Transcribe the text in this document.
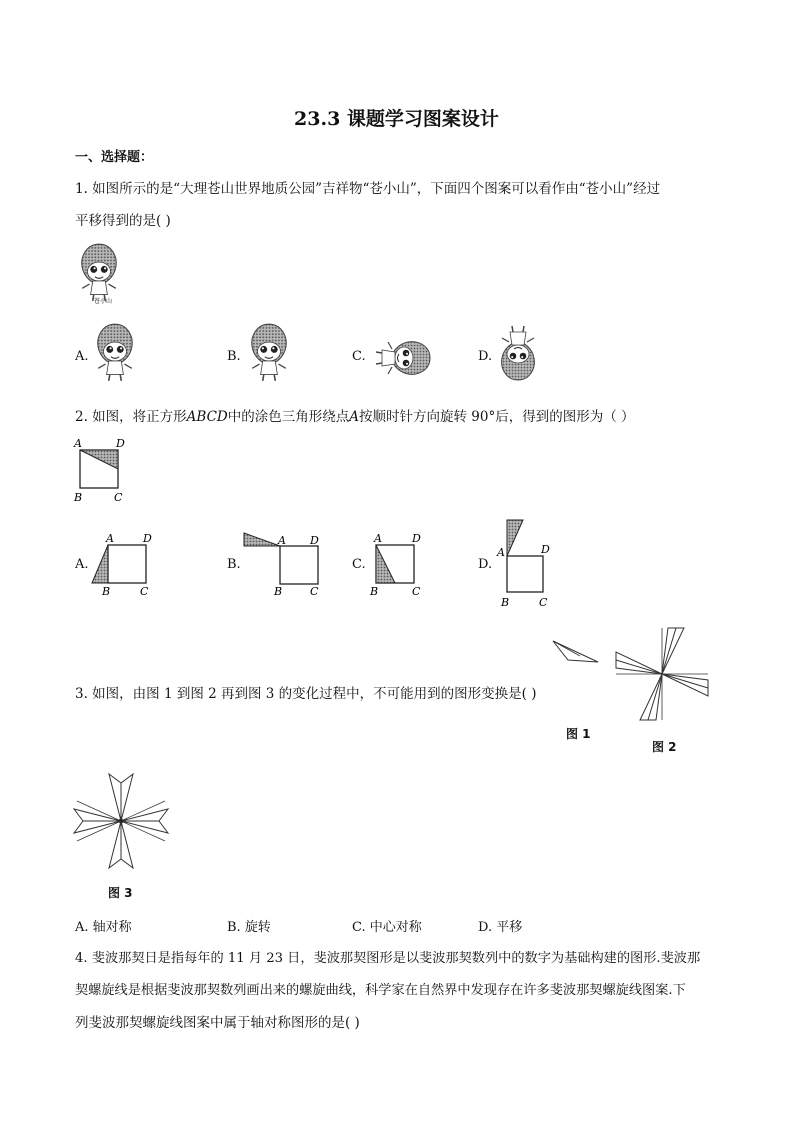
23.3 课题学习图案设计
一、选择题：
1. 如图所示的是“大理苍山世界地质公园”吉祥物“苍小山”，下面四个图案可以看作由“苍小山”经过
平移得到的是( )
苍小山
A.	B.	C.	D.
2. 如图，将正方形ABCD中的涂色三角形绕点A按顺时针方向旋转 90°后，得到的图形为（ ）
A	D
B	C
A.
A	D
B	C
B.
A D
B	C
C.
A	D
B	C
D.
A	D
B	C
3. 如图，由图 1 到图 2 再到图 3 的变化过程中，不可能用到的图形变换是( )
图 1
图 2
图 3
A. 轴对称	B. 旋转	C. 中心对称	D. 平移
4. 斐波那契日是指每年的 11 月 23 日，斐波那契图形是以斐波那契数列中的数字为基础构建的图形.斐波那
契螺旋线是根据斐波那契数列画出来的螺旋曲线，科学家在自然界中发现存在许多斐波那契螺旋线图案.下
列斐波那契螺旋线图案中属于轴对称图形的是( )
